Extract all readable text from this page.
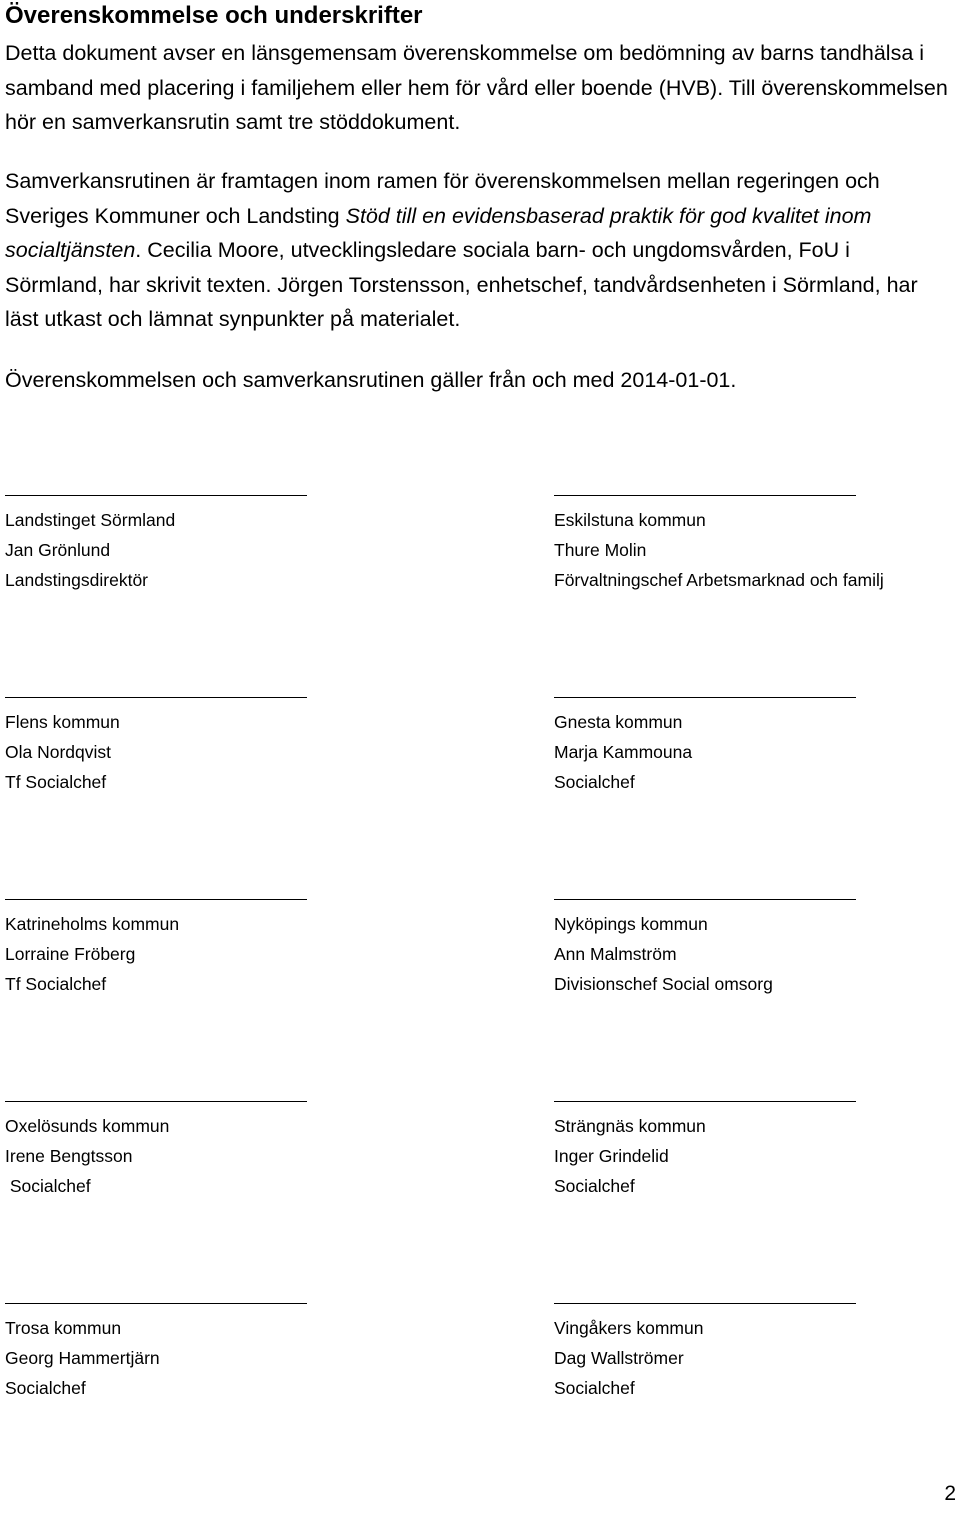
Överenskommelse och underskrifter

Detta dokument avser en länsgemensam överenskommelse om bedömning av barns tandhälsa i samband med placering i familjehem eller hem för vård eller boende (HVB). Till överenskommelsen hör en samverkansrutin samt tre stöddokument.

Samverkansrutinen är framtagen inom ramen för överenskommelsen mellan regeringen och Sveriges Kommuner och Landsting Stöd till en evidensbaserad praktik för god kvalitet inom socialtjänsten. Cecilia Moore, utvecklingsledare sociala barn- och ungdomsvården, FoU i Sörmland, har skrivit texten. Jörgen Torstensson, enhetschef, tandvårdsenheten i Sörmland, har läst utkast och lämnat synpunkter på materialet.

Överenskommelsen och samverkansrutinen gäller från och med 2014-01-01.

Landstinget Sörmland
Jan Grönlund
Landstingsdirektör
Eskilstuna kommun
Thure Molin
Förvaltningschef Arbetsmarknad och familj
Flens kommun
Ola Nordqvist
Tf Socialchef
Gnesta kommun
Marja Kammouna
Socialchef
Katrineholms kommun
Lorraine Fröberg
Tf Socialchef
Nyköpings kommun
Ann Malmström
Divisionschef Social omsorg
Oxelösunds kommun
Irene Bengtsson
Socialchef
Strängnäs kommun
Inger Grindelid
Socialchef
Trosa kommun
Georg Hammertjärn
Socialchef
Vingåkers kommun
Dag Wallströmer
Socialchef
2
